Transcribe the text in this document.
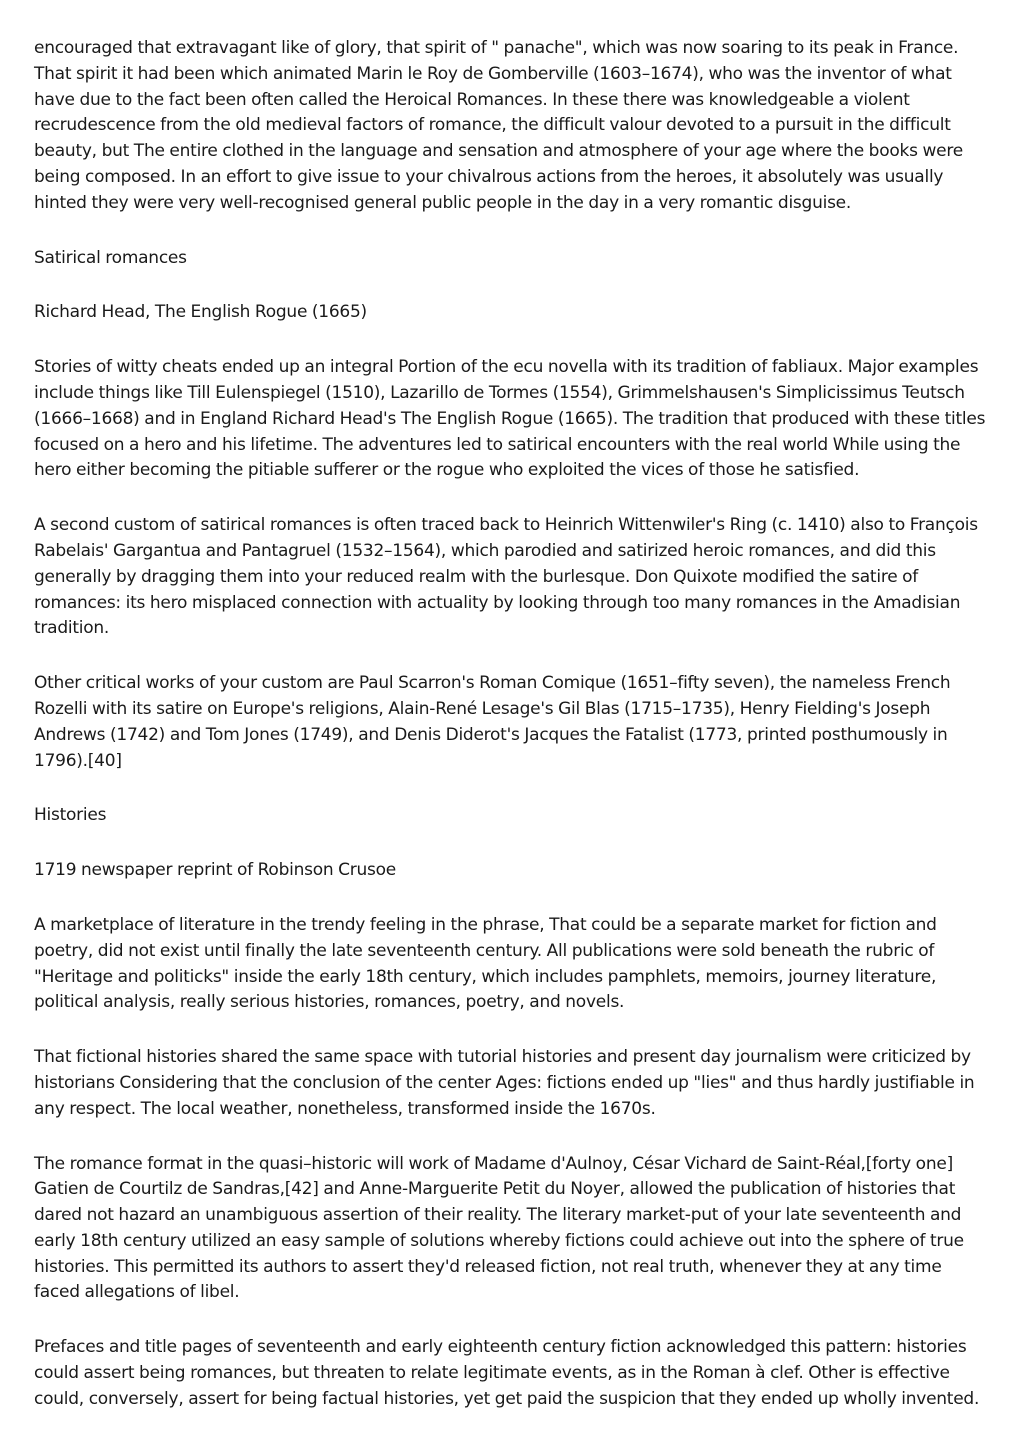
encouraged that extravagant like of glory, that spirit of " panache", which was now soaring to its peak in France. That spirit it had been which animated Marin le Roy de Gomberville (1603–1674), who was the inventor of what have due to the fact been often called the Heroical Romances. In these there was knowledgeable a violent recrudescence from the old medieval factors of romance, the difficult valour devoted to a pursuit in the difficult beauty, but The entire clothed in the language and sensation and atmosphere of your age where the books were being composed. In an effort to give issue to your chivalrous actions from the heroes, it absolutely was usually hinted they were very well-recognised general public people in the day in a very romantic disguise.

Satirical romances

Richard Head, The English Rogue (1665)

Stories of witty cheats ended up an integral Portion of the ecu novella with its tradition of fabliaux. Major examples include things like Till Eulenspiegel (1510), Lazarillo de Tormes (1554), Grimmelshausen's Simplicissimus Teutsch (1666–1668) and in England Richard Head's The English Rogue (1665). The tradition that produced with these titles focused on a hero and his lifetime. The adventures led to satirical encounters with the real world While using the hero either becoming the pitiable sufferer or the rogue who exploited the vices of those he satisfied.

A second custom of satirical romances is often traced back to Heinrich Wittenwiler's Ring (c. 1410) also to François Rabelais' Gargantua and Pantagruel (1532–1564), which parodied and satirized heroic romances, and did this generally by dragging them into your reduced realm with the burlesque. Don Quixote modified the satire of romances: its hero misplaced connection with actuality by looking through too many romances in the Amadisian tradition.

Other critical works of your custom are Paul Scarron's Roman Comique (1651–fifty seven), the nameless French Rozelli with its satire on Europe's religions, Alain-René Lesage's Gil Blas (1715–1735), Henry Fielding's Joseph Andrews (1742) and Tom Jones (1749), and Denis Diderot's Jacques the Fatalist (1773, printed posthumously in 1796).[40]

Histories

1719 newspaper reprint of Robinson Crusoe

A marketplace of literature in the trendy feeling in the phrase, That could be a separate market for fiction and poetry, did not exist until finally the late seventeenth century. All publications were sold beneath the rubric of "Heritage and politicks" inside the early 18th century, which includes pamphlets, memoirs, journey literature, political analysis, really serious histories, romances, poetry, and novels.

That fictional histories shared the same space with tutorial histories and present day journalism were criticized by historians Considering that the conclusion of the center Ages: fictions ended up "lies" and thus hardly justifiable in any respect. The local weather, nonetheless, transformed inside the 1670s.

The romance format in the quasi–historic will work of Madame d'Aulnoy, César Vichard de Saint-Réal,[forty one] Gatien de Courtilz de Sandras,[42] and Anne-Marguerite Petit du Noyer, allowed the publication of histories that dared not hazard an unambiguous assertion of their reality. The literary market-put of your late seventeenth and early 18th century utilized an easy sample of solutions whereby fictions could achieve out into the sphere of true histories. This permitted its authors to assert they'd released fiction, not real truth, whenever they at any time faced allegations of libel.

Prefaces and title pages of seventeenth and early eighteenth century fiction acknowledged this pattern: histories could assert being romances, but threaten to relate legitimate events, as in the Roman à clef. Other is effective could, conversely, assert for being factual histories, yet get paid the suspicion that they ended up wholly invented.
